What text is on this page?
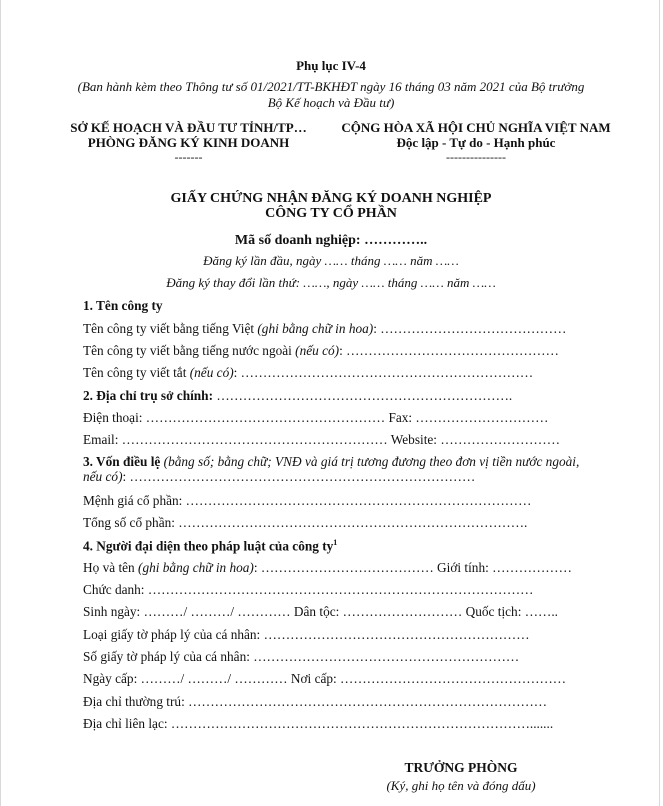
Phụ lục IV-4
(Ban hành kèm theo Thông tư số 01/2021/TT-BKHĐT ngày 16 tháng 03 năm 2021 của Bộ trưởng Bộ Kế hoạch và Đầu tư)
SỞ KẾ HOẠCH VÀ ĐẦU TƯ TỈNH/TP…
PHÒNG ĐĂNG KÝ KINH DOANH
-------
CỘNG HÒA XÃ HỘI CHỦ NGHĨA VIỆT NAM
Độc lập - Tự do - Hạnh phúc
---------------
GIẤY CHỨNG NHẬN ĐĂNG KÝ DOANH NGHIỆP
CÔNG TY CỔ PHẦN
Mã số doanh nghiệp: …………..
Đăng ký lần đầu, ngày …… tháng …… năm ……
Đăng ký thay đổi lần thứ: ……, ngày …… tháng …… năm ……
1. Tên công ty
Tên công ty viết bằng tiếng Việt (ghi bằng chữ in hoa): ……………………………………
Tên công ty viết bằng tiếng nước ngoài (nếu có): …………………………………………
Tên công ty viết tắt (nếu có): …………………………………………………………
2. Địa chỉ trụ sở chính: ………………………………………………………….
Điện thoại: ……………………………………………… Fax: …………………………
Email: …………………………………………………… Website: ………………………
3. Vốn điều lệ (bằng số; bằng chữ; VNĐ và giá trị tương đương theo đơn vị tiền nước ngoài, nếu có): ……………………………………………………………………
Mệnh giá cổ phần: ……………………………………………………………………
Tổng số cổ phần: …………………………………………………………………….
4. Người đại diện theo pháp luật của công $ty^1$
Họ và tên (ghi bằng chữ in hoa): ………………………………… Giới tính: ………………
Chức danh: ……………………………………………………………………………
Sinh ngày: ………/ ………/ ………… Dân tộc: ……………………… Quốc tịch: ……..
Loại giấy tờ pháp lý của cá nhân: ……………………………………………………
Số giấy tờ pháp lý của cá nhân: ……………………………………………………
Ngày cấp: ………/ ………/ ………… Nơi cấp: ……………………………………………
Địa chỉ thường trú: ………………………………………………………………………
Địa chỉ liên lạc: ……………………………………………………………………….......
TRƯỞNG PHÒNG
(Ký, ghi họ tên và đóng dấu)
